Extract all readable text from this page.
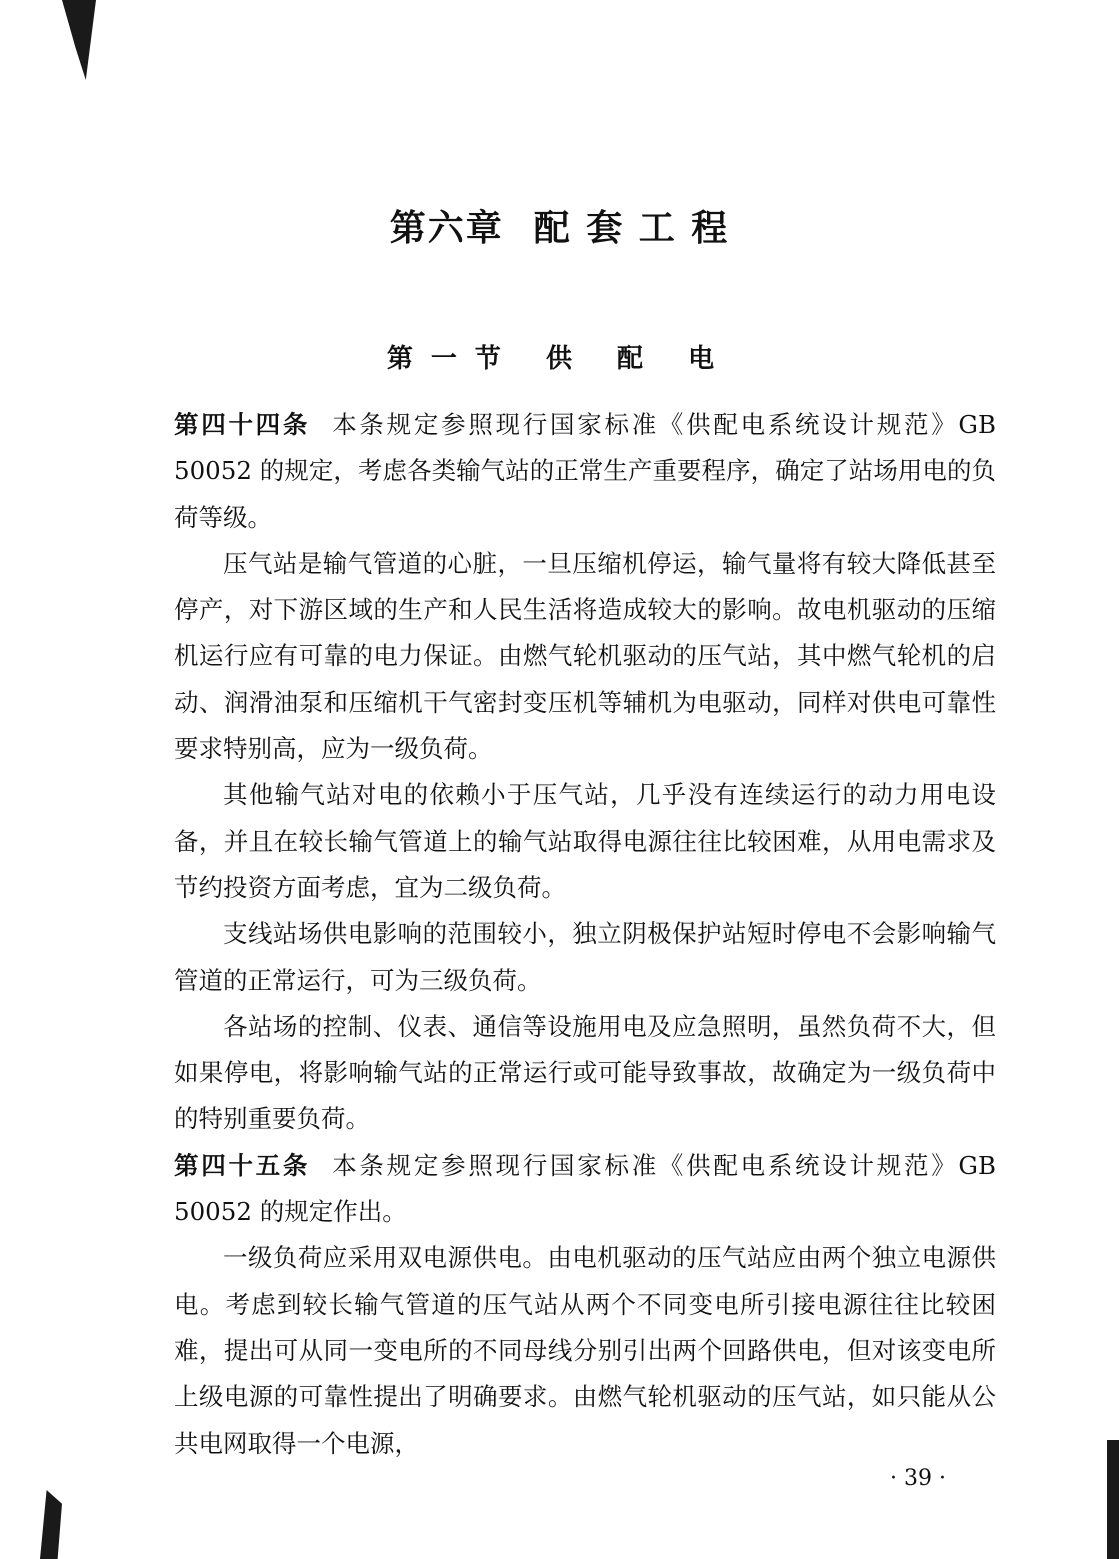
第六章 配 套 工 程
第一节 供 配 电

第四十四条 本条规定参照现行国家标准《供配电系统设计规范》GB 50052 的规定，考虑各类输气站的正常生产重要程序，确定了站场用电的负荷等级。

压气站是输气管道的心脏，一旦压缩机停运，输气量将有较大降低甚至停产，对下游区域的生产和人民生活将造成较大的影响。故电机驱动的压缩机运行应有可靠的电力保证。由燃气轮机驱动的压气站，其中燃气轮机的启动、润滑油泵和压缩机干气密封变压机等辅机为电驱动，同样对供电可靠性要求特别高，应为一级负荷。

其他输气站对电的依赖小于压气站，几乎没有连续运行的动力用电设备，并且在较长输气管道上的输气站取得电源往往比较困难，从用电需求及节约投资方面考虑，宜为二级负荷。

支线站场供电影响的范围较小，独立阴极保护站短时停电不会影响输气管道的正常运行，可为三级负荷。

各站场的控制、仪表、通信等设施用电及应急照明，虽然负荷不大，但如果停电，将影响输气站的正常运行或可能导致事故，故确定为一级负荷中的特别重要负荷。

第四十五条 本条规定参照现行国家标准《供配电系统设计规范》GB 50052 的规定作出。

一级负荷应采用双电源供电。由电机驱动的压气站应由两个独立电源供电。考虑到较长输气管道的压气站从两个不同变电所引接电源往往比较困难，提出可从同一变电所的不同母线分别引出两个回路供电，但对该变电所上级电源的可靠性提出了明确要求。由燃气轮机驱动的压气站，如只能从公共电网取得一个电源，

· 39 ·
